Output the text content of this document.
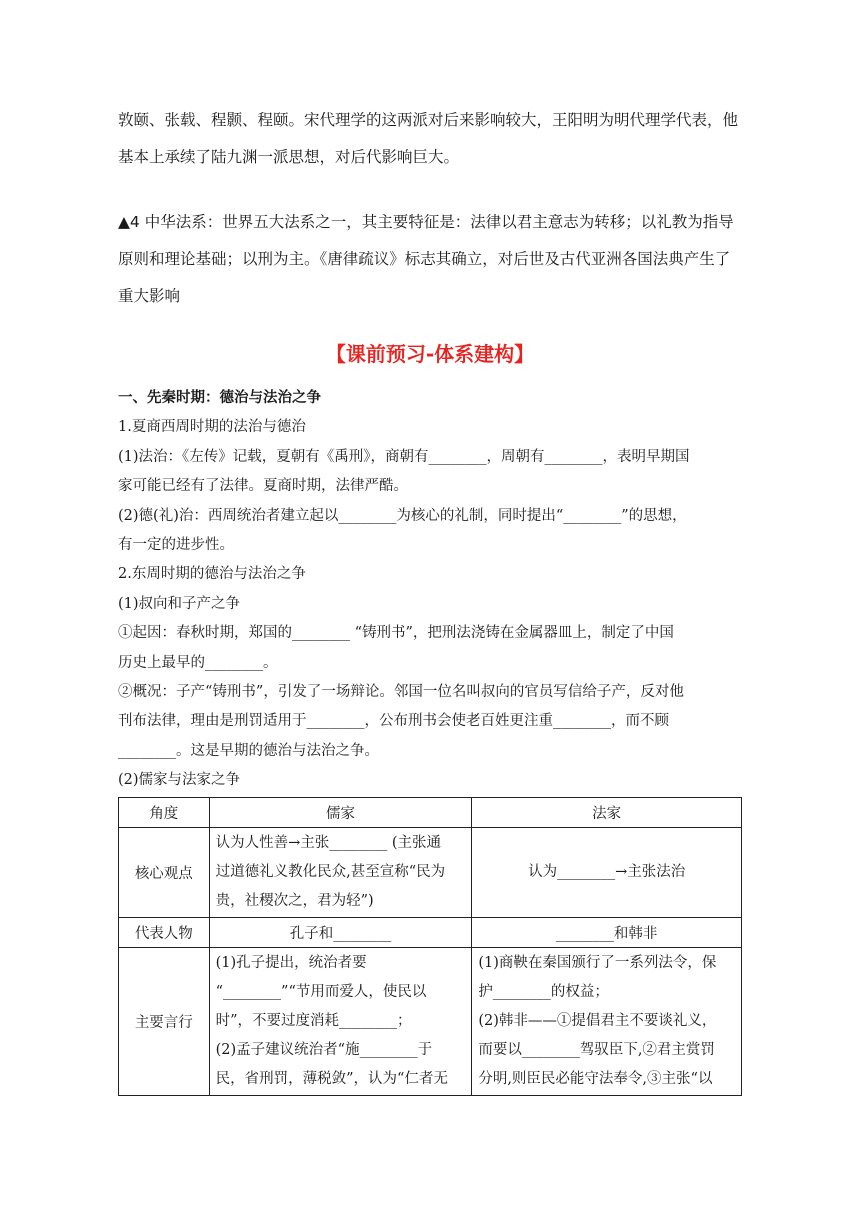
敦颐、张载、程颢、程颐。宋代理学的这两派对后来影响较大，王阳明为明代理学代表，他
基本上承续了陆九渊一派思想，对后代影响巨大。
▲4 中华法系：世界五大法系之一，其主要特征是：法律以君主意志为转移；以礼教为指导
原则和理论基础；以刑为主。《唐律疏议》标志其确立，对后世及古代亚洲各国法典产生了
重大影响
【课前预习-体系建构】
一、先秦时期：德治与法治之争
1.夏商西周时期的法治与德治
(1)法治：《左传》记载，夏朝有《禹刑》，商朝有________，周朝有________，表明早期国
家可能已经有了法律。夏商时期，法律严酷。
(2)德(礼)治：西周统治者建立起以________为核心的礼制，同时提出“________”的思想，
有一定的进步性。
2.东周时期的德治与法治之争
(1)叔向和子产之争
①起因：春秋时期，郑国的________ “铸刑书”，把刑法浇铸在金属器皿上，制定了中国
历史上最早的________。
②概况：子产“铸刑书”，引发了一场辩论。邻国一位名叫叔向的官员写信给子产，反对他
刊布法律，理由是刑罚适用于________，公布刑书会使老百姓更注重________，而不顾
________。这是早期的德治与法治之争。
(2)儒家与法家之争
角度	儒家	法家
核心观点	认为人性善→主张________ (主张通
过道德礼义教化民众,甚至宣称“民为
贵，社稷次之，君为轻”)	认为________→主张法治

代表人物	孔子和________	________和韩非
主要言行	(1)孔子提出，统治者要
“________”“节用而爱人，使民以
时”，不要过度消耗________；
(2)孟子建议统治者“施________于
民，省刑罚，薄税敛”，认为“仁者无	(1)商鞅在秦国颁行了一系列法令，保
护________的权益；
(2)韩非——①提倡君主不要谈礼义，
而要以________驾驭臣下,②君主赏罚
分明,则臣民必能守法奉令,③主张“以
